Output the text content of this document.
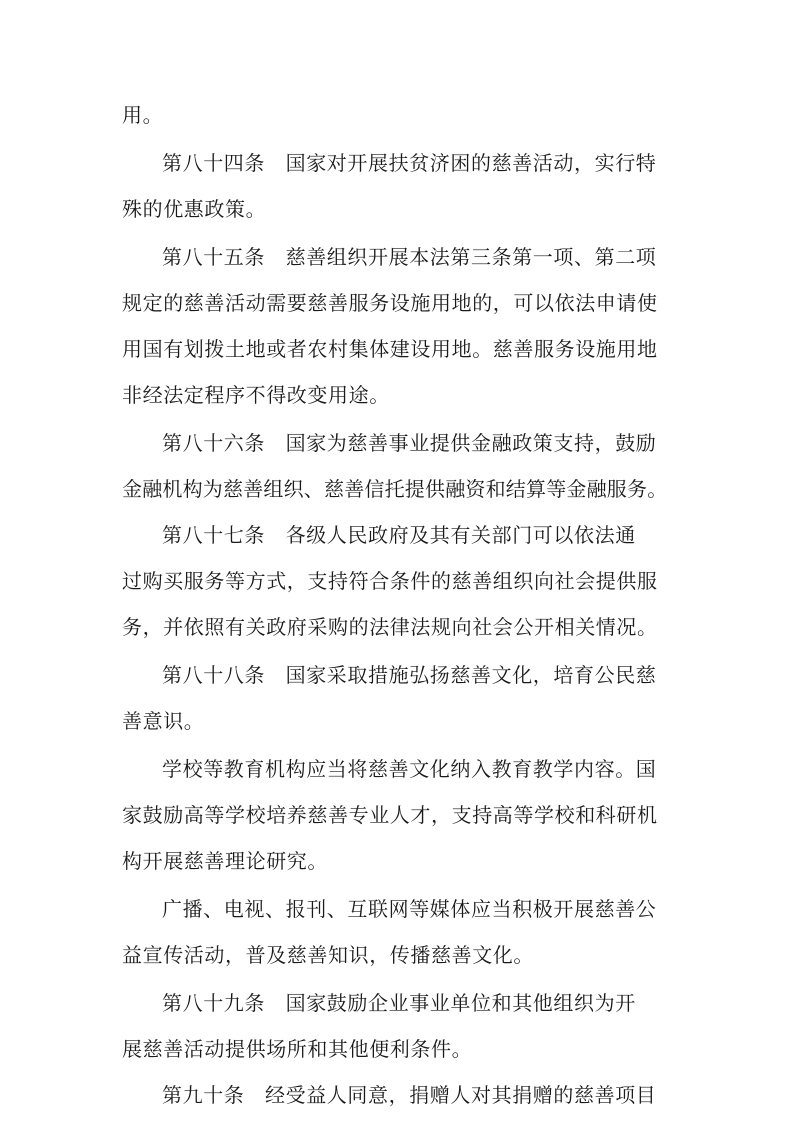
用。
第八十四条　国家对开展扶贫济困的慈善活动，实行特
殊的优惠政策。
第八十五条　慈善组织开展本法第三条第一项、第二项
规定的慈善活动需要慈善服务设施用地的，可以依法申请使
用国有划拨土地或者农村集体建设用地。慈善服务设施用地
非经法定程序不得改变用途。
第八十六条　国家为慈善事业提供金融政策支持，鼓励
金融机构为慈善组织、慈善信托提供融资和结算等金融服务。
第八十七条　各级人民政府及其有关部门可以依法通
过购买服务等方式，支持符合条件的慈善组织向社会提供服
务，并依照有关政府采购的法律法规向社会公开相关情况。
第八十八条　国家采取措施弘扬慈善文化，培育公民慈
善意识。
学校等教育机构应当将慈善文化纳入教育教学内容。国
家鼓励高等学校培养慈善专业人才，支持高等学校和科研机
构开展慈善理论研究。
广播、电视、报刊、互联网等媒体应当积极开展慈善公
益宣传活动，普及慈善知识，传播慈善文化。
第八十九条　国家鼓励企业事业单位和其他组织为开
展慈善活动提供场所和其他便利条件。
第九十条　经受益人同意，捐赠人对其捐赠的慈善项目
